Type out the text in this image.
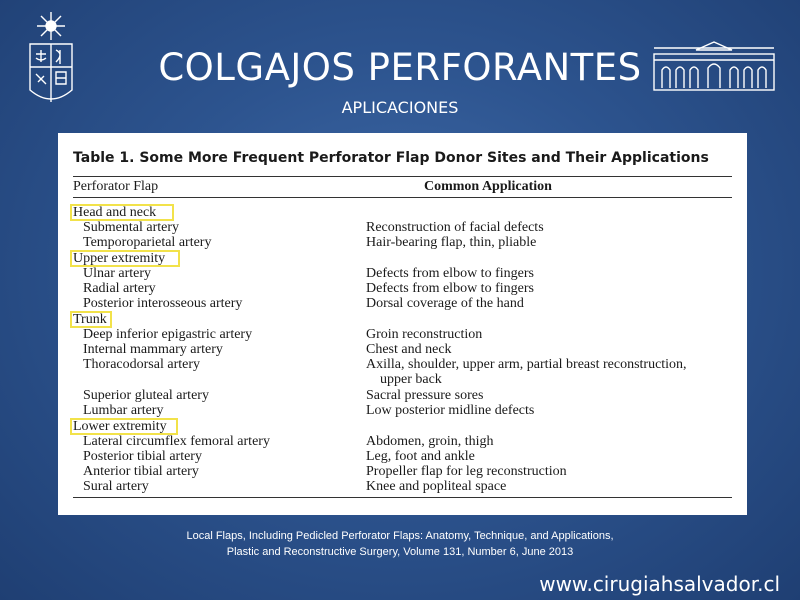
COLGAJOS PERFORANTES
APLICACIONES
Table 1. Some More Frequent Perforator Flap Donor Sites and Their Applications
Perforator Flap	Common Application
Head and neck
Submental artery	Reconstruction of facial defects
Temporoparietal artery	Hair-bearing flap, thin, pliable
Upper extremity
Ulnar artery	Defects from elbow to fingers
Radial artery	Defects from elbow to fingers
Posterior interosseous artery	Dorsal coverage of the hand
Trunk
Deep inferior epigastric artery	Groin reconstruction
Internal mammary artery	Chest and neck
Thoracodorsal artery	Axilla, shoulder, upper arm, partial breast reconstruction,
upper back
Superior gluteal artery	Sacral pressure sores
Lumbar artery	Low posterior midline defects
Lower extremity
Lateral circumflex femoral artery	Abdomen, groin, thigh
Posterior tibial artery	Leg, foot and ankle
Anterior tibial artery	Propeller flap for leg reconstruction
Sural artery	Knee and popliteal space
Local Flaps, Including Pedicled Perforator Flaps: Anatomy, Technique, and Applications,
Plastic and Reconstructive Surgery, Volume 131, Number 6, June 2013
www.cirugiahsalvador.cl
